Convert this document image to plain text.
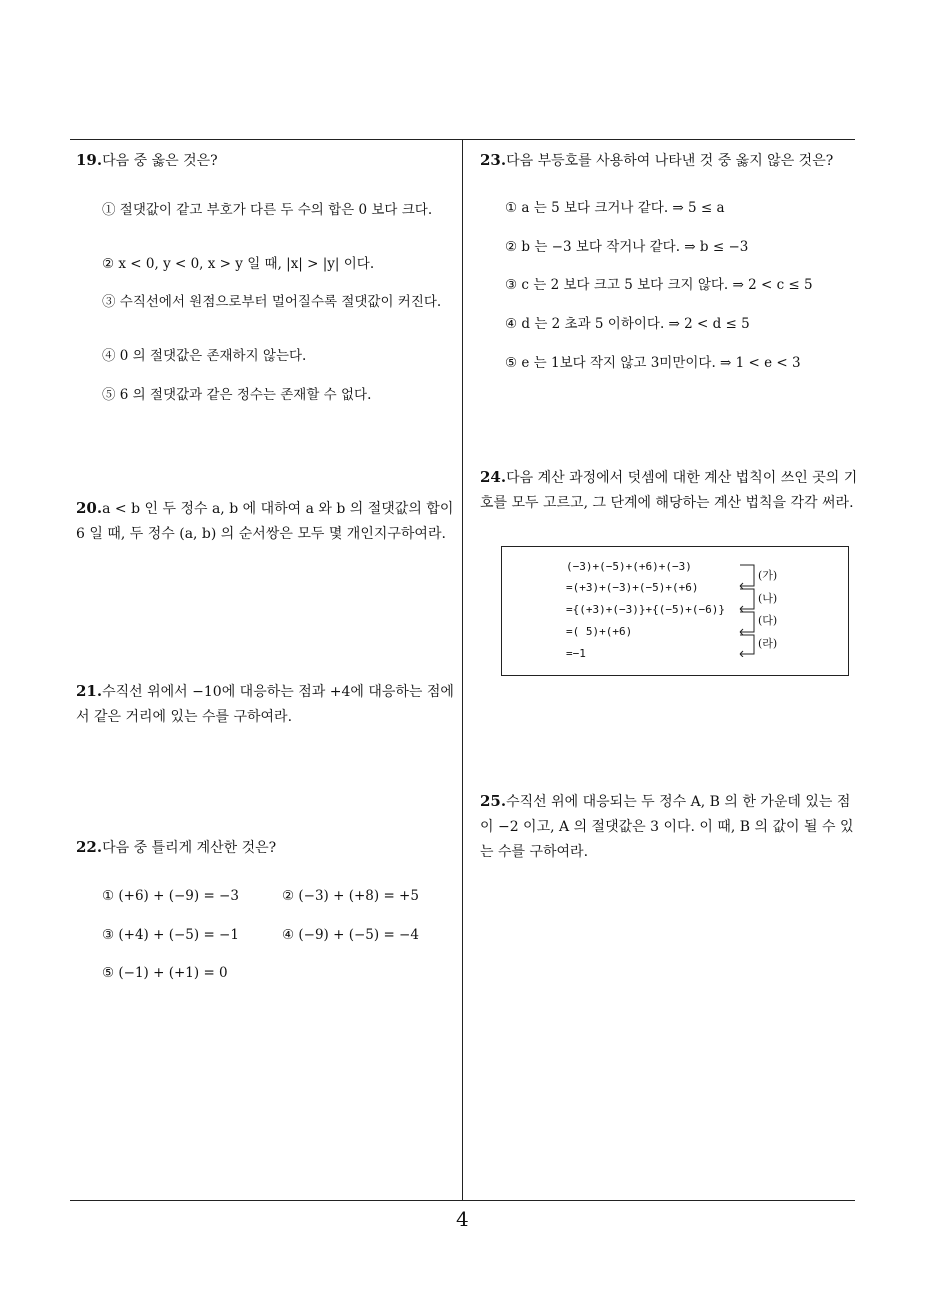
19.다음 중 옳은 것은?
① 절댓값이 같고 부호가 다른 두 수의 합은 0 보다 크다.
② x < 0, y < 0, x > y 일 때, |x| > |y| 이다.
③ 수직선에서 원점으로부터 멀어질수록 절댓값이 커진다.
④ 0 의 절댓값은 존재하지 않는다.
⑤ 6 의 절댓값과 같은 정수는 존재할 수 없다.
20.a < b 인 두 정수 a, b 에 대하여 a 와 b 의 절댓값의 합이 6 일 때, 두 정수 (a, b) 의 순서쌍은 모두 몇 개인지구하여라.
21.수직선 위에서 −10에 대응하는 점과 +4에 대응하는 점에서 같은 거리에 있는 수를 구하여라.
22.다음 중 틀리게 계산한 것은?
① (+6) + (−9) = −3	② (−3) + (+8) = +5
③ (+4) + (−5) = −1	④ (−9) + (−5) = −4
⑤ (−1) + (+1) = 0
23.다음 부등호를 사용하여 나타낸 것 중 옳지 않은 것은?
① a 는 5 보다 크거나 같다. ⇒ 5 ≤ a
② b 는 −3 보다 작거나 같다. ⇒ b ≤ −3
③ c 는 2 보다 크고 5 보다 크지 않다. ⇒ 2 < c ≤ 5
④ d 는 2 초과 5 이하이다. ⇒ 2 < d ≤ 5
⑤ e 는 1보다 작지 않고 3미만이다. ⇒ 1 < e < 3
24.다음 계산 과정에서 덧셈에 대한 계산 법칙이 쓰인 곳의 기호를 모두 고르고, 그 단계에 해당하는 계산 법칙을 각각 써라.
(−3)+(−5)+(+6)+(−3)
=(+3)+(−3)+(−5)+(+6)
={(+3)+(−3)}+{(−5)+(−6)}
=( 5)+(+6)
=−1
(가)
(나)
(다)
(라)
25.수직선 위에 대응되는 두 정수 A, B 의 한 가운데 있는 점이 −2 이고, A 의 절댓값은 3 이다. 이 때, B 의 값이 될 수 있는 수를 구하여라.
4
